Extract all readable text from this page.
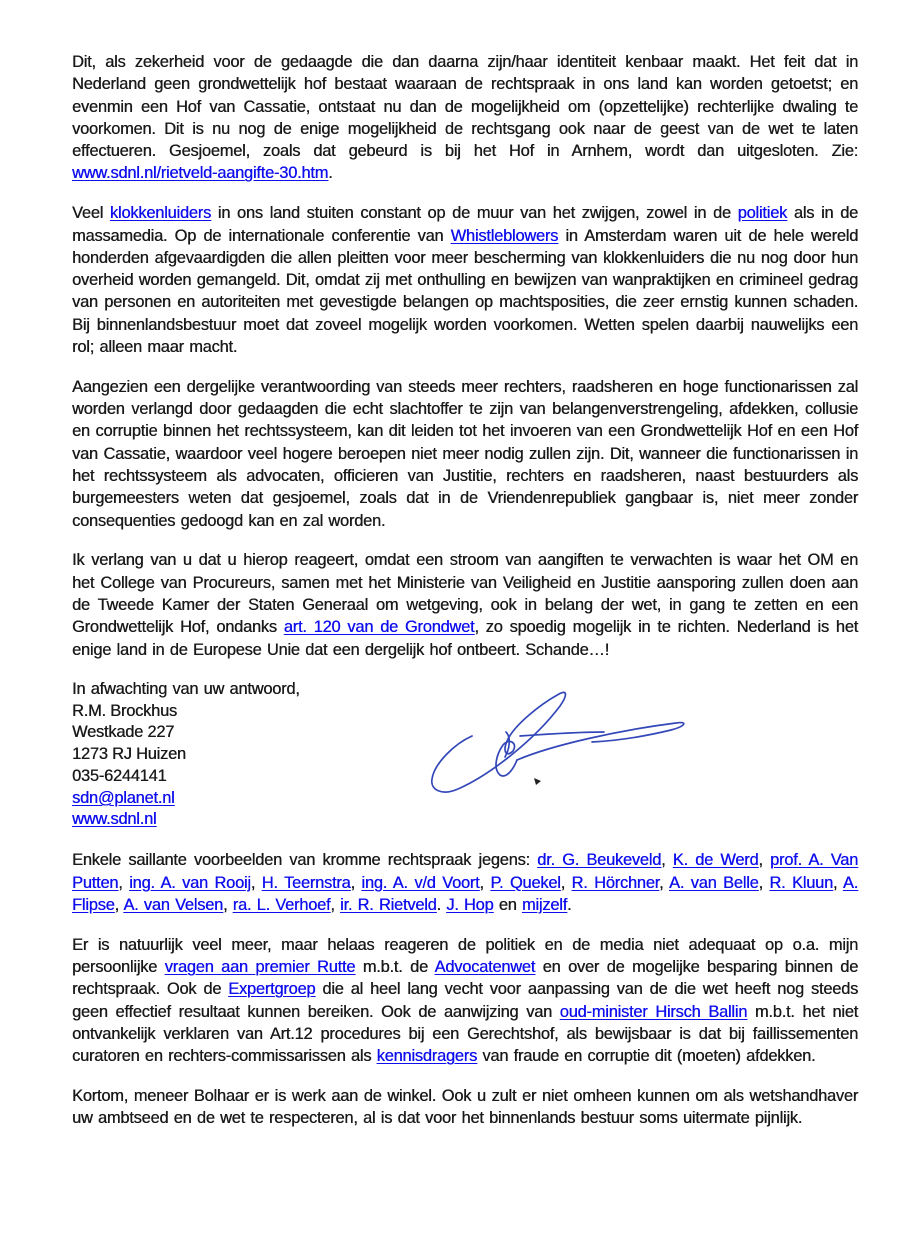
Dit, als zekerheid voor de gedaagde die dan daarna zijn/haar identiteit kenbaar maakt. Het feit dat in Nederland geen grondwettelijk hof bestaat waaraan de rechtspraak in ons land kan worden getoetst; en evenmin een Hof van Cassatie, ontstaat nu dan de mogelijkheid om (opzettelijke) rechterlijke dwaling te voorkomen. Dit is nu nog de enige mogelijkheid de rechtsgang ook naar de geest van de wet te laten effectueren. Gesjoemel, zoals dat gebeurd is bij het Hof in Arnhem, wordt dan uitgesloten. Zie: www.sdnl.nl/rietveld-aangifte-30.htm.

Veel klokkenluiders in ons land stuiten constant op de muur van het zwijgen, zowel in de politiek als in de massamedia. Op de internationale conferentie van Whistleblowers in Amsterdam waren uit de hele wereld honderden afgevaardigden die allen pleitten voor meer bescherming van klokkenluiders die nu nog door hun overheid worden gemangeld. Dit, omdat zij met onthulling en bewijzen van wanpraktijken en crimineel gedrag van personen en autoriteiten met gevestigde belangen op machtsposities, die zeer ernstig kunnen schaden. Bij binnenlandsbestuur moet dat zoveel mogelijk worden voorkomen. Wetten spelen daarbij nauwelijks een rol; alleen maar macht.

Aangezien een dergelijke verantwoording van steeds meer rechters, raadsheren en hoge functionarissen zal worden verlangd door gedaagden die echt slachtoffer te zijn van belangenverstrengeling, afdekken, collusie en corruptie binnen het rechtssysteem, kan dit leiden tot het invoeren van een Grondwettelijk Hof en een Hof van Cassatie, waardoor veel hogere beroepen niet meer nodig zullen zijn. Dit, wanneer die functionarissen in het rechtssysteem als advocaten, officieren van Justitie, rechters en raadsheren, naast bestuurders als burgemeesters weten dat gesjoemel, zoals dat in de Vriendenrepubliek gangbaar is, niet meer zonder consequenties gedoogd kan en zal worden.

Ik verlang van u dat u hierop reageert, omdat een stroom van aangiften te verwachten is waar het OM en het College van Procureurs, samen met het Ministerie van Veiligheid en Justitie aansporing zullen doen aan de Tweede Kamer der Staten Generaal om wetgeving, ook in belang der wet, in gang te zetten en een Grondwettelijk Hof, ondanks art. 120 van de Grondwet, zo spoedig mogelijk in te richten. Nederland is het enige land in de Europese Unie dat een dergelijk hof ontbeert. Schande…!

In afwachting van uw antwoord,

R.M. Brockhus
Westkade 227
1273 RJ Huizen
035-6244141
sdn@planet.nl
www.sdnl.nl

Enkele saillante voorbeelden van kromme rechtspraak jegens: dr. G. Beukeveld, K. de Werd, prof. A. Van Putten, ing. A. van Rooij, H. Teernstra, ing. A. v/d Voort, P. Quekel, R. Hörchner, A. van Belle, R. Kluun, A. Flipse, A. van Velsen, ra. L. Verhoef, ir. R. Rietveld. J. Hop en mijzelf.

Er is natuurlijk veel meer, maar helaas reageren de politiek en de media niet adequaat op o.a. mijn persoonlijke vragen aan premier Rutte m.b.t. de Advocatenwet en over de mogelijke besparing binnen de rechtspraak. Ook de Expertgroep die al heel lang vecht voor aanpassing van de die wet heeft nog steeds geen effectief resultaat kunnen bereiken. Ook de aanwijzing van oud-minister Hirsch Ballin m.b.t. het niet ontvankelijk verklaren van Art.12 procedures bij een Gerechtshof, als bewijsbaar is dat bij faillissementen curatoren en rechters-commissarissen als kennisdragers van fraude en corruptie dit (moeten) afdekken.

Kortom, meneer Bolhaar er is werk aan de winkel. Ook u zult er niet omheen kunnen om als wetshandhaver uw ambtseed en de wet te respecteren, al is dat voor het binnenlands bestuur soms uitermate pijnlijk.
